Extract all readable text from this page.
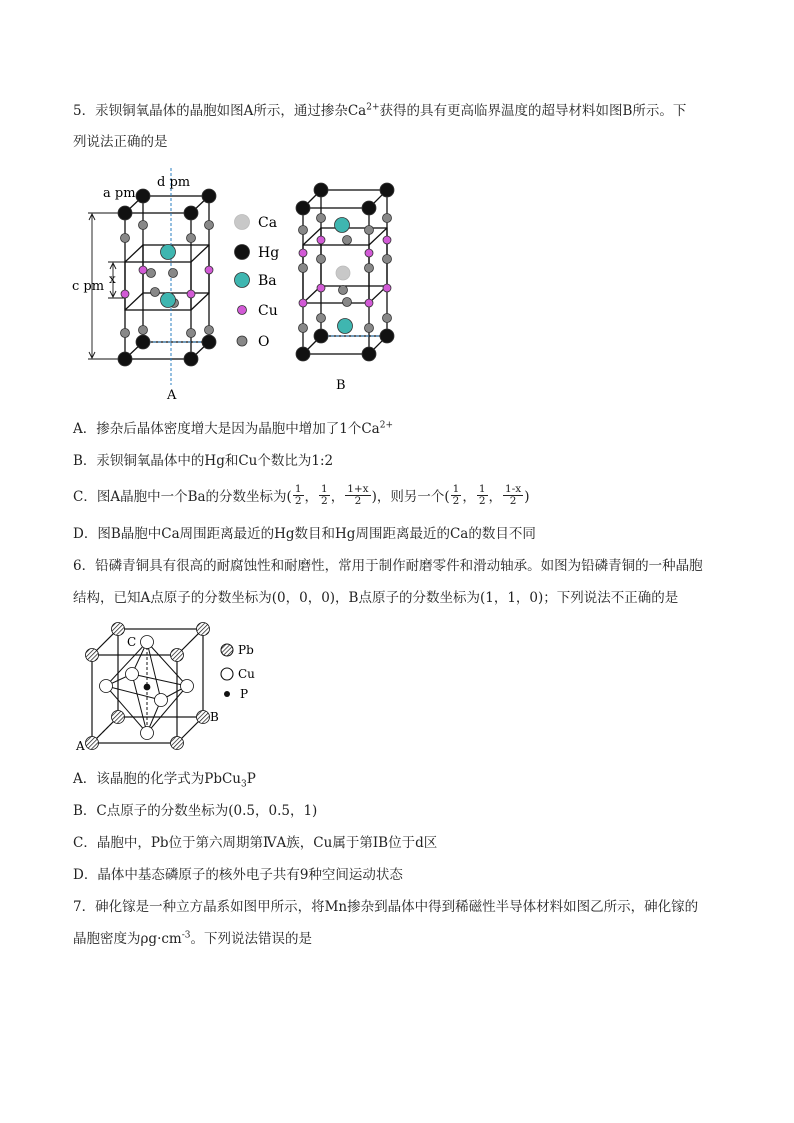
5．汞钡铜氧晶体的晶胞如图A所示，通过掺杂$Ca^{2+}$获得的具有更高临界温度的超导材料如图B所示。下
列说法正确的是
a pm
d pm
c pm x
A
B
Ca
Hg
Ba
Cu
O
A．掺杂后晶体密度增大是因为晶胞中增加了1个$Ca^{2+}$
B．汞钡铜氧晶体中的Hg和Cu个数比为1:2
C．图A晶胞中一个Ba的分数坐标为( $\frac{1}{2}$ ， $\frac{1}{2}$ ， $\frac{1+x}{2}$ )，则另一个( $\frac{1}{2}$ ， $\frac{1}{2}$ ， $\frac{1-x}{2}$ )
D．图B晶胞中Ca周围距离最近的Hg数目和Hg周围距离最近的Ca的数目不同
6．铅磷青铜具有很高的耐腐蚀性和耐磨性，常用于制作耐磨零件和滑动轴承。如图为铅磷青铜的一种晶胞
结构，已知A点原子的分数坐标为(0，0，0)，B点原子的分数坐标为(1，1，0)；下列说法不正确的是
A
B
C
Pb
Cu
P
A．该晶胞的化学式为PbCu$_3$P
B．C点原子的分数坐标为(0.5，0.5，1)
C．晶胞中，Pb位于第六周期第ⅣA族，Cu属于第ⅠB位于d区
D．晶体中基态磷原子的核外电子共有9种空间运动状态
7．砷化镓是一种立方晶系如图甲所示，将Mn掺杂到晶体中得到稀磁性半导体材料如图乙所示，砷化镓的
晶胞密度为$\rho g\cdot cm^{-3}$。下列说法错误的是
